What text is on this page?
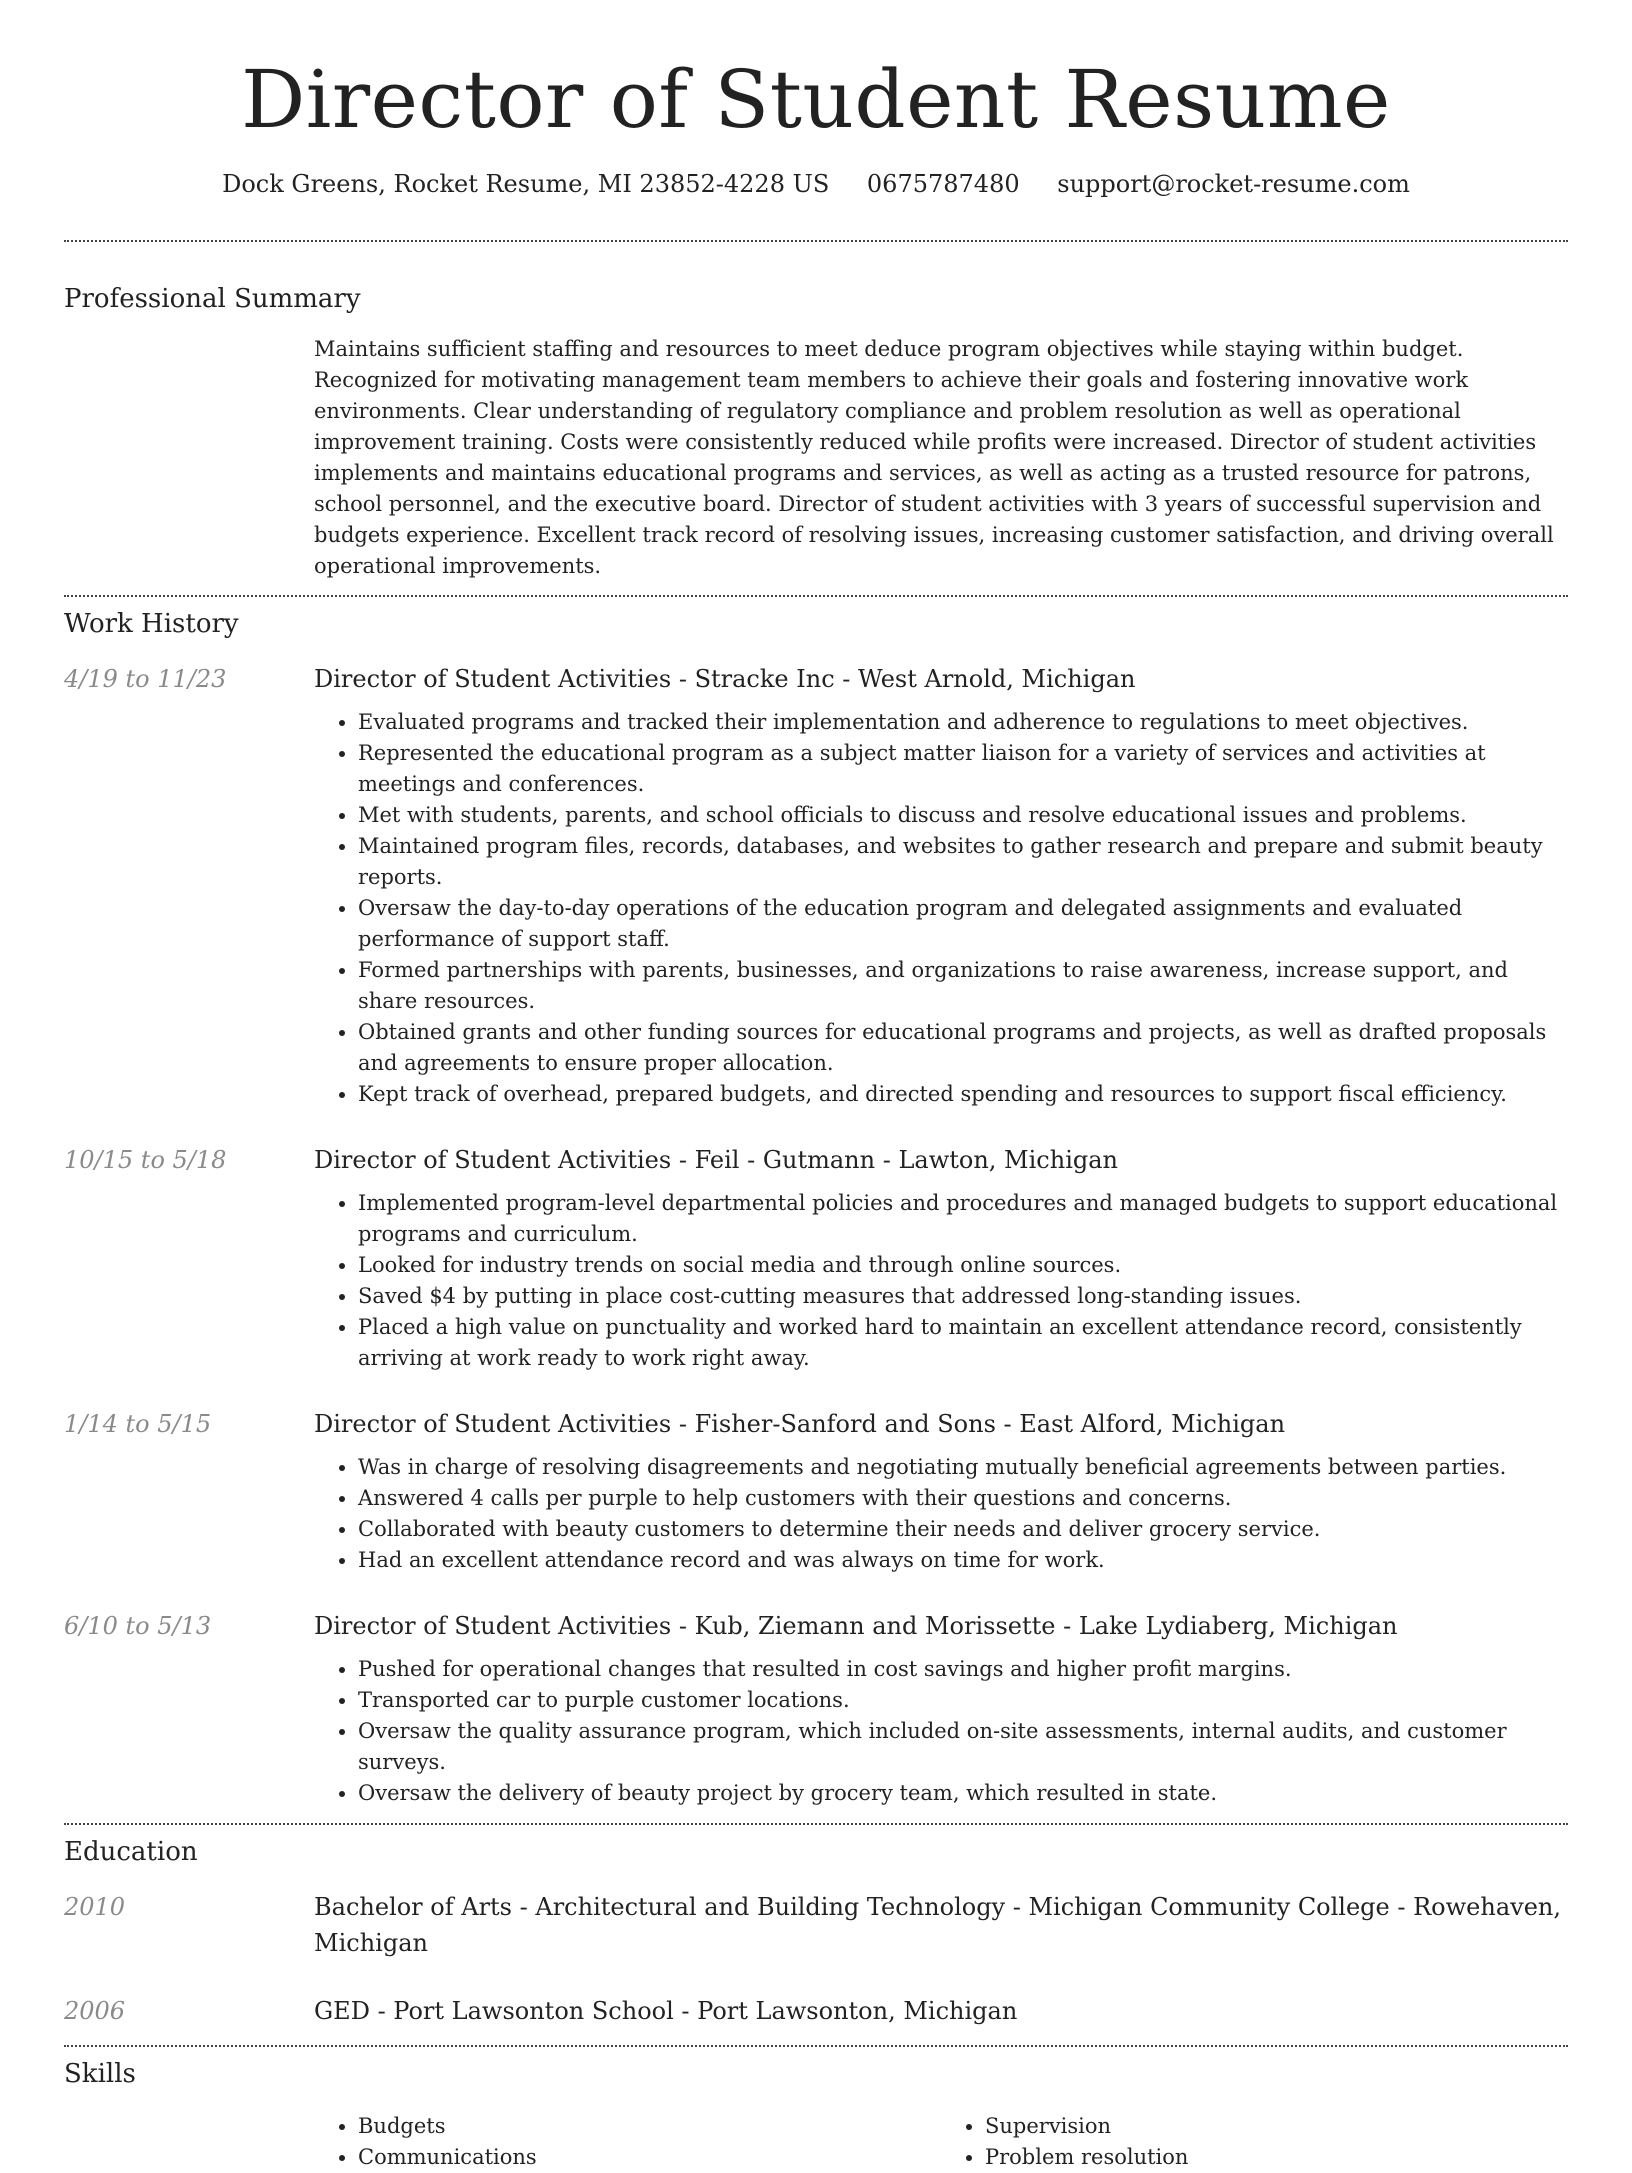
Director of Student Resume
Dock Greens, Rocket Resume, MI 23852-4228 US 0675787480 support@rocket-resume.com
Professional Summary
Maintains sufficient staffing and resources to meet deduce program objectives while staying within budget. Recognized for motivating management team members to achieve their goals and fostering innovative work environments. Clear understanding of regulatory compliance and problem resolution as well as operational improvement training. Costs were consistently reduced while profits were increased. Director of student activities implements and maintains educational programs and services, as well as acting as a trusted resource for patrons, school personnel, and the executive board. Director of student activities with 3 years of successful supervision and budgets experience. Excellent track record of resolving issues, increasing customer satisfaction, and driving overall operational improvements.
Work History
4/19 to 11/23	Director of Student Activities - Stracke Inc - West Arnold, Michigan
• Evaluated programs and tracked their implementation and adherence to regulations to meet objectives.
• Represented the educational program as a subject matter liaison for a variety of services and activities at meetings and conferences.
• Met with students, parents, and school officials to discuss and resolve educational issues and problems.
• Maintained program files, records, databases, and websites to gather research and prepare and submit beauty reports.
• Oversaw the day-to-day operations of the education program and delegated assignments and evaluated performance of support staff.
• Formed partnerships with parents, businesses, and organizations to raise awareness, increase support, and share resources.
• Obtained grants and other funding sources for educational programs and projects, as well as drafted proposals and agreements to ensure proper allocation.
• Kept track of overhead, prepared budgets, and directed spending and resources to support fiscal efficiency.
10/15 to 5/18	Director of Student Activities - Feil - Gutmann - Lawton, Michigan
• Implemented program-level departmental policies and procedures and managed budgets to support educational programs and curriculum.
• Looked for industry trends on social media and through online sources.
• Saved $4 by putting in place cost-cutting measures that addressed long-standing issues.
• Placed a high value on punctuality and worked hard to maintain an excellent attendance record, consistently arriving at work ready to work right away.
1/14 to 5/15	Director of Student Activities - Fisher-Sanford and Sons - East Alford, Michigan
• Was in charge of resolving disagreements and negotiating mutually beneficial agreements between parties.
• Answered 4 calls per purple to help customers with their questions and concerns.
• Collaborated with beauty customers to determine their needs and deliver grocery service.
• Had an excellent attendance record and was always on time for work.
6/10 to 5/13	Director of Student Activities - Kub, Ziemann and Morissette - Lake Lydiaberg, Michigan
• Pushed for operational changes that resulted in cost savings and higher profit margins.
• Transported car to purple customer locations.
• Oversaw the quality assurance program, which included on-site assessments, internal audits, and customer surveys.
• Oversaw the delivery of beauty project by grocery team, which resulted in state.
Education
2010	Bachelor of Arts - Architectural and Building Technology - Michigan Community College - Rowehaven, Michigan
2006	GED - Port Lawsonton School - Port Lawsonton, Michigan
Skills
• Budgets
• Communications
• Supervision
• Problem resolution
